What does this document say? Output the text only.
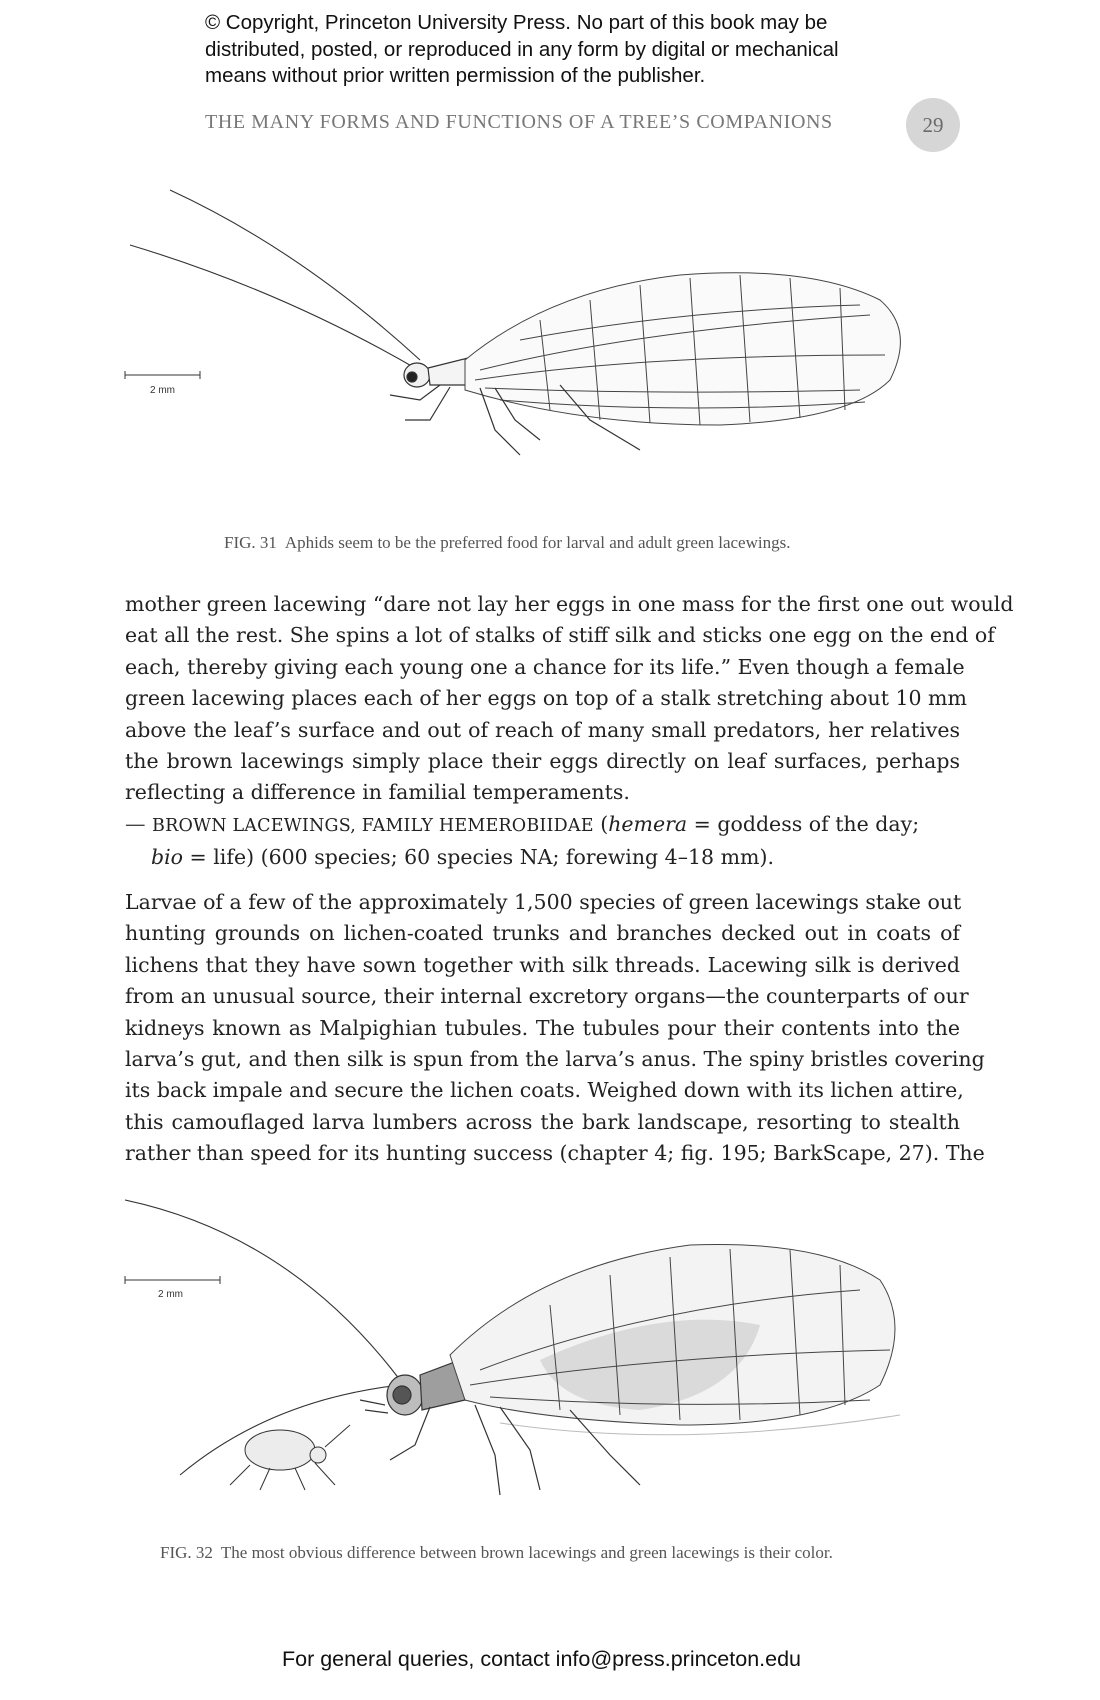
© Copyright, Princeton University Press. No part of this book may be
distributed, posted, or reproduced in any form by digital or mechanical
means without prior written permission of the publisher.
THE MANY FORMS AND FUNCTIONS OF A TREE’S COMPANIONS	29
2 mm
FIG. 31 Aphids seem to be the preferred food for larval and adult green lacewings.
mother green lacewing “dare not lay her eggs in one mass for the first one out would
eat all the rest. She spins a lot of stalks of stiff silk and sticks one egg on the end of
each, thereby giving each young one a chance for its life.” Even though a female
green lacewing places each of her eggs on top of a stalk stretching about 10 mm
above the leaf’s surface and out of reach of many small predators, her relatives
the brown lacewings simply place their eggs directly on leaf surfaces, perhaps
reflecting a difference in familial temperaments.
— BROWN LACEWINGS, FAMILY HEMEROBIIDAE (hemera = goddess of the day;
bio = life) (600 species; 60 species NA; forewing 4–18 mm).
Larvae of a few of the approximately 1,500 species of green lacewings stake out
hunting grounds on lichen-coated trunks and branches decked out in coats of
lichens that they have sown together with silk threads. Lacewing silk is derived
from an unusual source, their internal excretory organs—the counterparts of our
kidneys known as Malpighian tubules. The tubules pour their contents into the
larva’s gut, and then silk is spun from the larva’s anus. The spiny bristles covering
its back impale and secure the lichen coats. Weighed down with its lichen attire,
this camouflaged larva lumbers across the bark landscape, resorting to stealth
rather than speed for its hunting success (chapter 4; fig. 195; BarkScape, 27). The
2 mm
FIG. 32 The most obvious difference between brown lacewings and green lacewings is their color.
For general queries, contact info@press.princeton.edu
